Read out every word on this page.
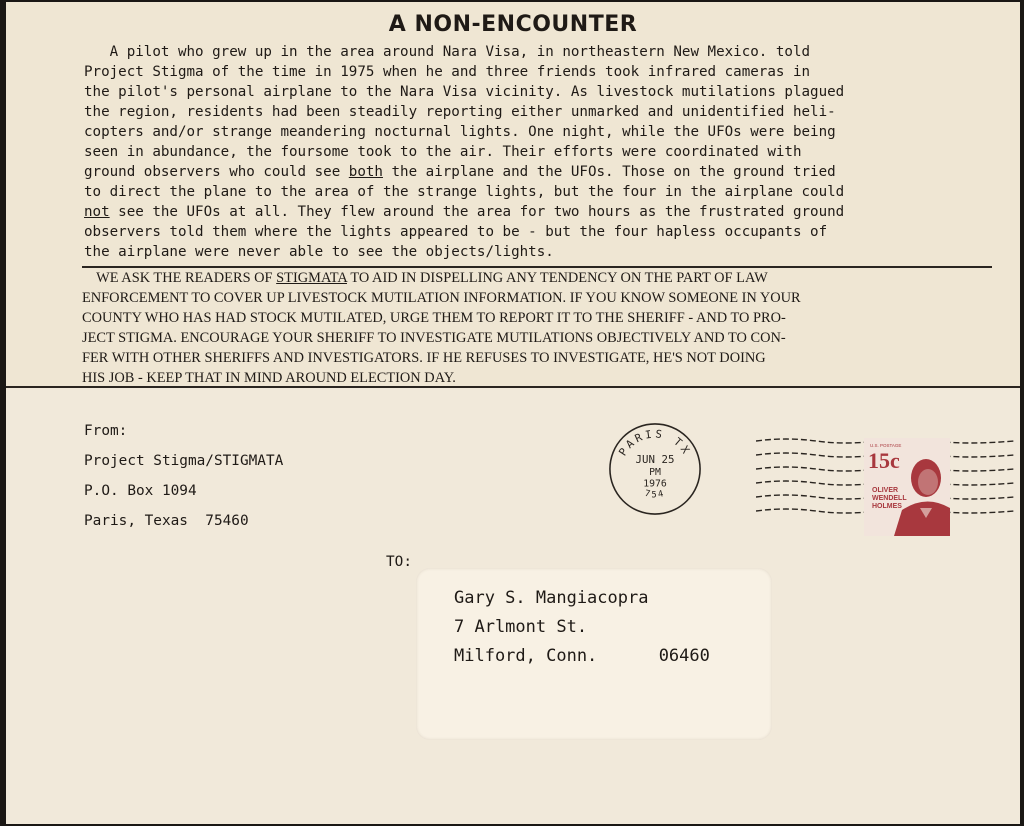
A NON-ENCOUNTER
A pilot who grew up in the area around Nara Visa, in northeastern New Mexico. told
Project Stigma of the time in 1975 when he and three friends took infrared cameras in
the pilot's personal airplane to the Nara Visa vicinity. As livestock mutilations plagued
the region, residents had been steadily reporting either unmarked and unidentified heli-
copters and/or strange meandering nocturnal lights. One night, while the UFOs were being
seen in abundance, the foursome took to the air. Their efforts were coordinated with
ground observers who could see both the airplane and the UFOs. Those on the ground tried
to direct the plane to the area of the strange lights, but the four in the airplane could
not see the UFOs at all. They flew around the area for two hours as the frustrated ground
observers told them where the lights appeared to be - but the four hapless occupants of
the airplane were never able to see the objects/lights.
WE ASK THE READERS OF STIGMATA TO AID IN DISPELLING ANY TENDENCY ON THE PART OF LAW
ENFORCEMENT TO COVER UP LIVESTOCK MUTILATION INFORMATION. IF YOU KNOW SOMEONE IN YOUR
COUNTY WHO HAS HAD STOCK MUTILATED, URGE THEM TO REPORT IT TO THE SHERIFF - AND TO PRO-
JECT STIGMA. ENCOURAGE YOUR SHERIFF TO INVESTIGATE MUTILATIONS OBJECTIVELY AND TO CON-
FER WITH OTHER SHERIFFS AND INVESTIGATORS. IF HE REFUSES TO INVESTIGATE, HE'S NOT DOING
HIS JOB - KEEP THAT IN MIND AROUND ELECTION DAY.
From:
Project Stigma/STIGMATA
P.O. Box 1094
Paris, Texas  75460
PARIS TX
JUN 25
PM
1976
754
U.S. POSTAGE
15c
OLIVER
WENDELL
HOLMES
TO:
Gary S. Mangiacopra
7 Arlmont St.
Milford, Conn.      06460
